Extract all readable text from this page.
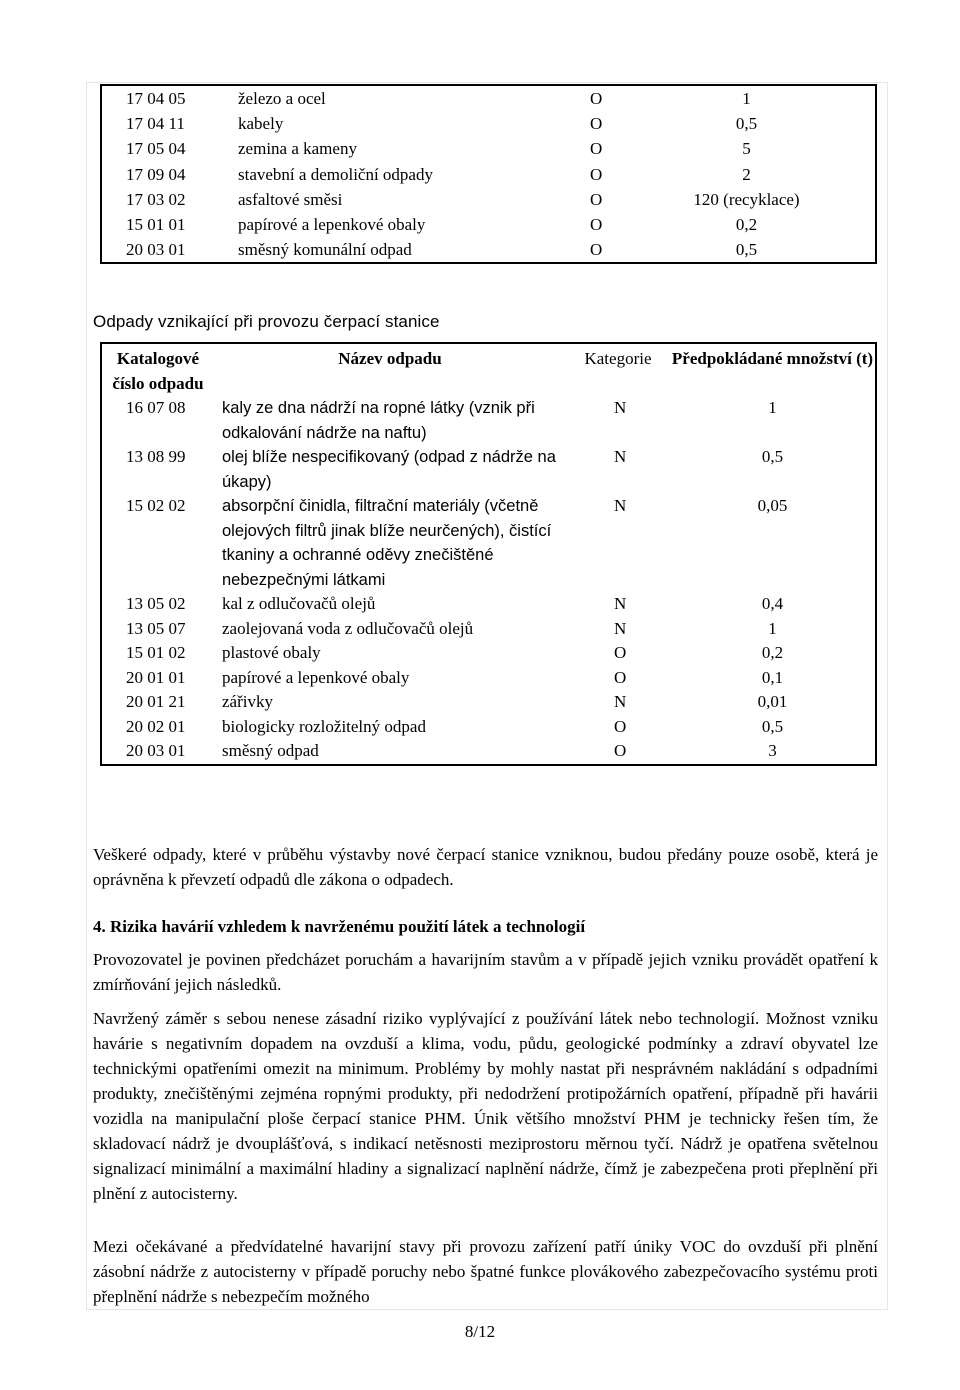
17 04 05	železo a ocel	O	1
17 04 11	kabely	O	0,5
17 05 04	zemina a kameny	O	5
17 09 04	stavební a demoliční odpady	O	2
17 03 02	asfaltové směsi	O	120 (recyklace)
15 01 01	papírové a lepenkové obaly	O	0,2
20 03 01	směsný komunální odpad	O	0,5
Odpady vznikající při provozu čerpací stanice
Katalogové číslo odpadu	Název odpadu	Kategorie	Předpokládané množství (t)
16 07 08	kaly ze dna nádrží na ropné látky (vznik při odkalování nádrže na naftu)	N	1
13 08 99	olej blíže nespecifikovaný (odpad z nádrže na úkapy)	N	0,5
15 02 02	absorpční činidla, filtrační materiály (včetně olejových filtrů jinak blíže neurčených), čistící tkaniny a ochranné oděvy znečištěné nebezpečnými látkami	N	0,05
13 05 02	kal z odlučovačů olejů	N	0,4
13 05 07	zaolejovaná voda z odlučovačů olejů	N	1
15 01 02	plastové obaly	O	0,2
20 01 01	papírové a lepenkové obaly	O	0,1
20 01 21	zářivky	N	0,01
20 02 01	biologicky rozložitelný odpad	O	0,5
20 03 01	směsný odpad	O	3
Veškeré odpady, které v průběhu výstavby nové čerpací stanice vzniknou, budou předány pouze osobě, která je oprávněna k převzetí odpadů dle zákona o odpadech.
4. Rizika havárií vzhledem k navrženému použití látek a technologií
Provozovatel je povinen předcházet poruchám a havarijním stavům a v případě jejich vzniku provádět opatření k zmírňování jejich následků.
Navržený záměr s sebou nenese zásadní riziko vyplývající z používání látek nebo technologií. Možnost vzniku havárie s negativním dopadem na ovzduší a klima, vodu, půdu, geologické podmínky a zdraví obyvatel lze technickými opatřeními omezit na minimum. Problémy by mohly nastat při nesprávném nakládání s odpadními produkty, znečištěnými zejména ropnými produkty, při nedodržení protipožárních opatření, případně při havárii vozidla na manipulační ploše čerpací stanice PHM. Únik většího množství PHM je technicky řešen tím, že skladovací nádrž je dvouplášťová, s indikací netěsnosti meziprostoru měrnou tyčí. Nádrž je opatřena světelnou signalizací minimální a maximální hladiny a signalizací naplnění nádrže, čímž je zabezpečena proti přeplnění při plnění z autocisterny.
Mezi očekávané a předvídatelné havarijní stavy při provozu zařízení patří úniky VOC do ovzduší při plnění zásobní nádrže z autocisterny v případě poruchy nebo špatné funkce plovákového zabezpečovacího systému proti přeplnění nádrže s nebezpečím možného
8/12
